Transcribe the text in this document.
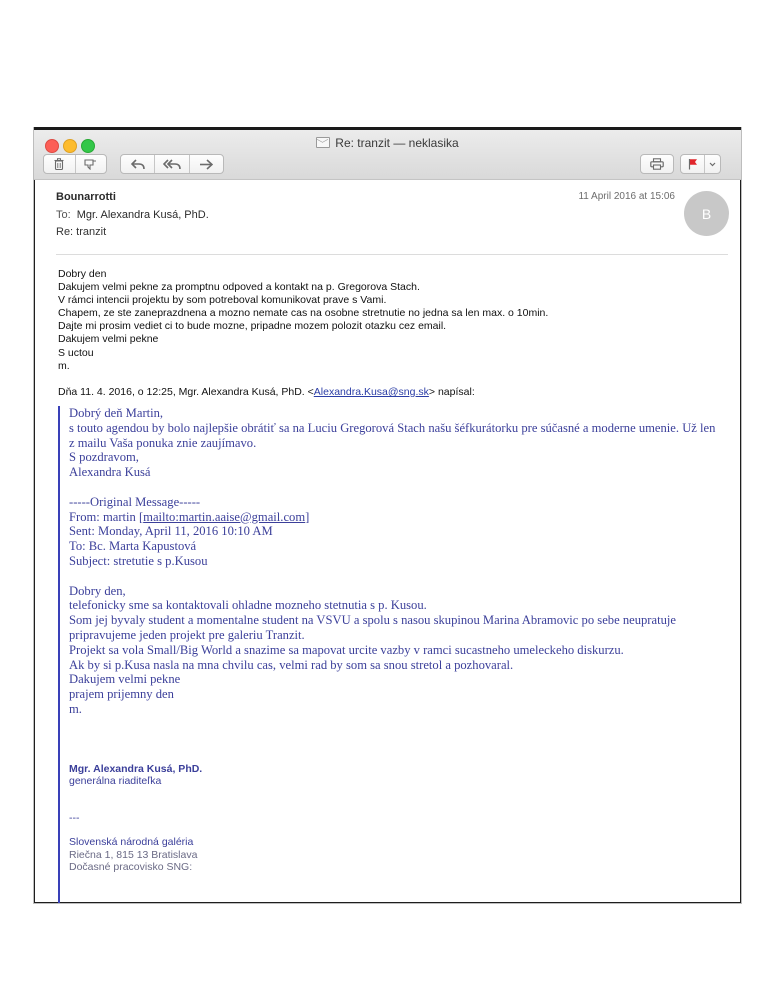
Re: tranzit — neklasika
Bounarrotti
To: Mgr. Alexandra Kusá, PhD.
Re: tranzit
11 April 2016 at 15:06
B

Dobry den

Dakujem velmi pekne za promptnu odpoved a kontakt na p. Gregorova Stach.

V rámci intencii projektu by som potreboval komunikovat prave s Vami.

Chapem, ze ste zaneprazdnena a mozno nemate cas na osobne stretnutie no jedna sa len max. o 10min.

Dajte mi prosim vediet ci to bude mozne, pripadne mozem polozit otazku cez email.

Dakujem velmi pekne

S uctou

m.

Dňa 11. 4. 2016, o 12:25, Mgr. Alexandra Kusá, PhD. <Alexandra.Kusa@sng.sk> napísal:

Dobrý deň Martin,

s touto agendou by bolo najlepšie obrátiť sa na Luciu Gregorová Stach našu šéfkurátorku pre súčasné a moderne umenie. Už len z mailu Vaša ponuka znie zaujímavo.

S pozdravom,

Alexandra Kusá

-----Original Message-----

From: martin [mailto:martin.aaise@gmail.com]

Sent: Monday, April 11, 2016 10:10 AM

To: Bc. Marta Kapustová

Subject: stretutie s p.Kusou

Dobry den,

telefonicky sme sa kontaktovali ohladne mozneho stetnutia s p. Kusou.

Som jej byvaly student a momentalne student na VSVU a spolu s nasou skupinou Marina Abramovic po sebe neupratuje pripravujeme jeden projekt pre galeriu Tranzit.

Projekt sa vola Small/Big World a snazime sa mapovat urcite vazby v ramci sucastneho umeleckeho diskurzu.

Ak by si p.Kusa nasla na mna chvilu cas, velmi rad by som sa snou stretol a pozhovaral.

Dakujem velmi pekne

prajem prijemny den

m.

Mgr. Alexandra Kusá, PhD.

generálna riaditeľka

---

Slovenská národná galéria

Riečna 1, 815 13 Bratislava

Dočasné pracovisko SNG:
